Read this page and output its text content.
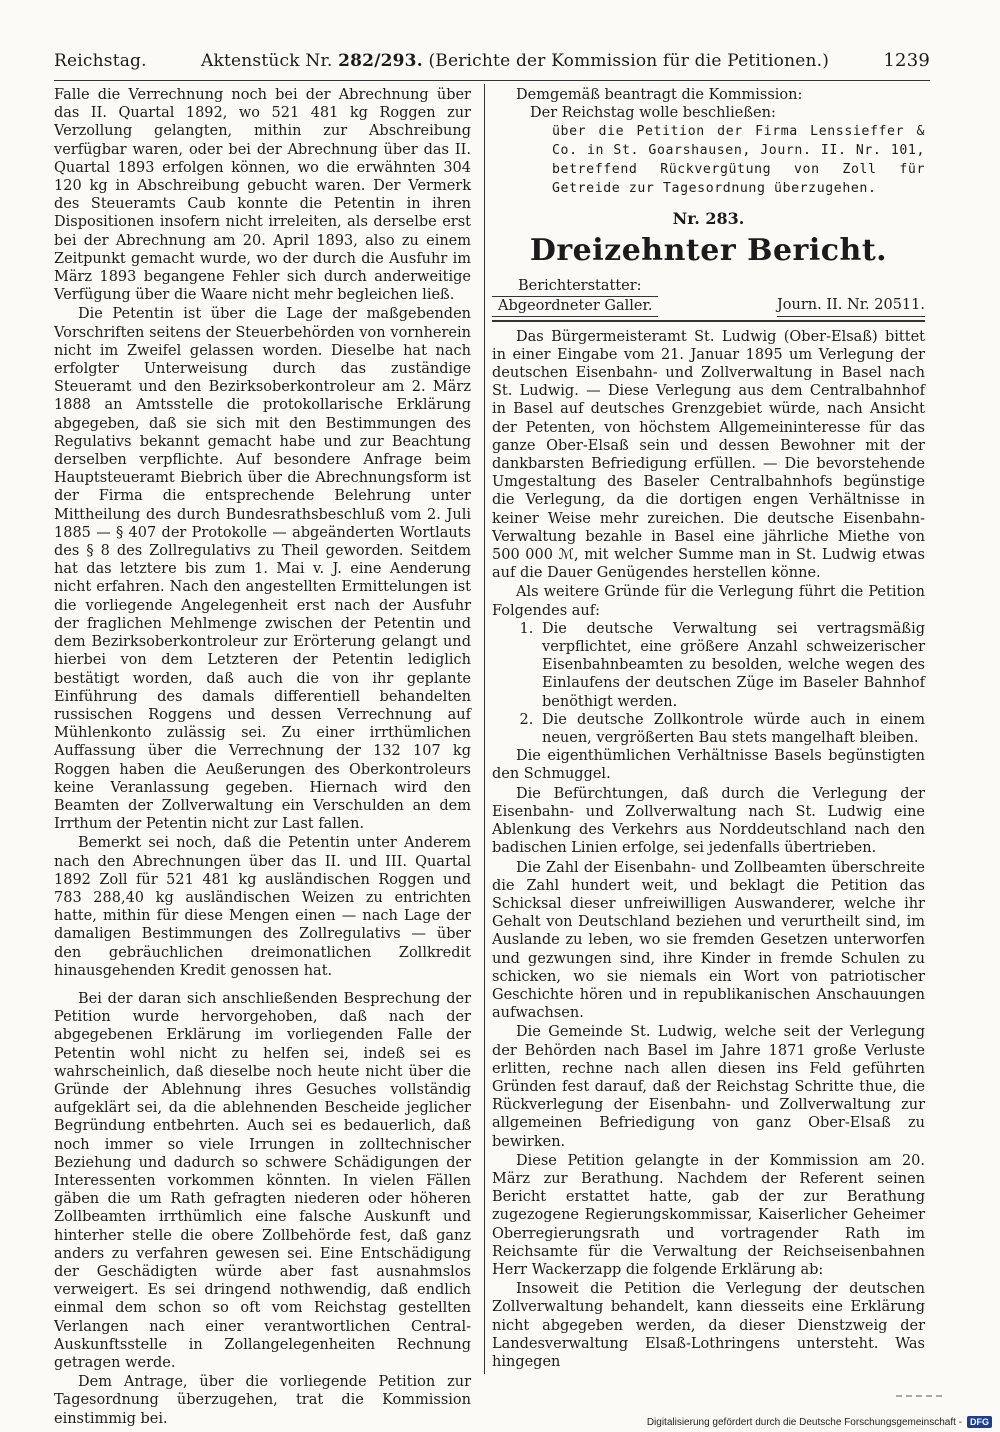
Reichstag.	Aktenstück Nr. 282/293. (Berichte der Kommission für die Petitionen.)	1239

Falle die Verrechnung noch bei der Abrechnung über das II. Quartal 1892, wo 521 481 kg Roggen zur Verzollung gelangten, mithin zur Abschreibung verfügbar waren, oder bei der Abrechnung über das II. Quartal 1893 erfolgen können, wo die erwähnten 304 120 kg in Abschreibung gebucht waren. Der Vermerk des Steueramts Caub konnte die Petentin in ihren Dispositionen insofern nicht irreleiten, als derselbe erst bei der Abrechnung am 20. April 1893, also zu einem Zeitpunkt gemacht wurde, wo der durch die Ausfuhr im März 1893 begangene Fehler sich durch anderweitige Verfügung über die Waare nicht mehr begleichen ließ.

Die Petentin ist über die Lage der maßgebenden Vorschriften seitens der Steuerbehörden von vornherein nicht im Zweifel gelassen worden. Dieselbe hat nach erfolgter Unterweisung durch das zuständige Steueramt und den Bezirksoberkontroleur am 2. März 1888 an Amtsstelle die protokollarische Erklärung abgegeben, daß sie sich mit den Bestimmungen des Regulativs bekannt gemacht habe und zur Beachtung derselben verpflichte. Auf besondere Anfrage beim Hauptsteueramt Biebrich über die Abrechnungsform ist der Firma die entsprechende Belehrung unter Mittheilung des durch Bundesrathsbeschluß vom 2. Juli 1885 — § 407 der Protokolle — abgeänderten Wortlauts des § 8 des Zollregulativs zu Theil geworden. Seitdem hat das letztere bis zum 1. Mai v. J. eine Aenderung nicht erfahren. Nach den angestellten Ermittelungen ist die vorliegende Angelegenheit erst nach der Ausfuhr der fraglichen Mehlmenge zwischen der Petentin und dem Bezirksoberkontroleur zur Erörterung gelangt und hierbei von dem Letzteren der Petentin lediglich bestätigt worden, daß auch die von ihr geplante Einführung des damals differentiell behandelten russischen Roggens und dessen Verrechnung auf Mühlenkonto zulässig sei. Zu einer irrthümlichen Auffassung über die Verrechnung der 132 107 kg Roggen haben die Aeußerungen des Oberkontroleurs keine Veranlassung gegeben. Hiernach wird den Beamten der Zollverwaltung ein Verschulden an dem Irrthum der Petentin nicht zur Last fallen.

Bemerkt sei noch, daß die Petentin unter Anderem nach den Abrechnungen über das II. und III. Quartal 1892 Zoll für 521 481 kg ausländischen Roggen und 783 288,40 kg ausländischen Weizen zu entrichten hatte, mithin für diese Mengen einen — nach Lage der damaligen Bestimmungen des Zollregulativs — über den gebräuchlichen dreimonatlichen Zollkredit hinausgehenden Kredit genossen hat.

Bei der daran sich anschließenden Besprechung der Petition wurde hervorgehoben, daß nach der abgegebenen Erklärung im vorliegenden Falle der Petentin wohl nicht zu helfen sei, indeß sei es wahrscheinlich, daß dieselbe noch heute nicht über die Gründe der Ablehnung ihres Gesuches vollständig aufgeklärt sei, da die ablehnenden Bescheide jeglicher Begründung entbehrten. Auch sei es bedauerlich, daß noch immer so viele Irrungen in zolltechnischer Beziehung und dadurch so schwere Schädigungen der Interessenten vorkommen könnten. In vielen Fällen gäben die um Rath gefragten niederen oder höheren Zollbeamten irrthümlich eine falsche Auskunft und hinterher stelle die obere Zollbehörde fest, daß ganz anders zu verfahren gewesen sei. Eine Entschädigung der Geschädigten würde aber fast ausnahmslos verweigert. Es sei dringend nothwendig, daß endlich einmal dem schon so oft vom Reichstag gestellten Verlangen nach einer verantwortlichen Central-Auskunftsstelle in Zollangelegenheiten Rechnung getragen werde.

Dem Antrage, über die vorliegende Petition zur Tagesordnung überzugehen, trat die Kommission einstimmig bei.

Demgemäß beantragt die Kommission:

Der Reichstag wolle beschließen:
über die Petition der Firma Lenssieffer & Co. in St. Goarshausen, Journ. II. Nr. 101, betreffend Rückvergütung von Zoll für Getreide zur Tagesordnung überzugehen.
Nr. 283.
Dreizehnter Bericht.
Berichterstatter:
Abgeordneter Galler.	Journ. II. Nr. 20511.

Das Bürgermeisteramt St. Ludwig (Ober-Elsaß) bittet in einer Eingabe vom 21. Januar 1895 um Verlegung der deutschen Eisenbahn- und Zollverwaltung in Basel nach St. Ludwig. — Diese Verlegung aus dem Centralbahnhof in Basel auf deutsches Grenzgebiet würde, nach Ansicht der Petenten, von höchstem Allgemeininteresse für das ganze Ober-Elsaß sein und dessen Bewohner mit der dankbarsten Befriedigung erfüllen. — Die bevorstehende Umgestaltung des Baseler Centralbahnhofs begünstige die Verlegung, da die dortigen engen Verhältnisse in keiner Weise mehr zureichen. Die deutsche Eisenbahn-Verwaltung bezahle in Basel eine jährliche Miethe von 500 000 ℳ, mit welcher Summe man in St. Ludwig etwas auf die Dauer Genügendes herstellen könne.

Als weitere Gründe für die Verlegung führt die Petition Folgendes auf:

1. Die deutsche Verwaltung sei vertragsmäßig verpflichtet, eine größere Anzahl schweizerischer Eisenbahnbeamten zu besolden, welche wegen des Einlaufens der deutschen Züge im Baseler Bahnhof benöthigt werden.
2. Die deutsche Zollkontrole würde auch in einem neuen, vergrößerten Bau stets mangelhaft bleiben.

Die eigenthümlichen Verhältnisse Basels begünstigten den Schmuggel.

Die Befürchtungen, daß durch die Verlegung der Eisenbahn- und Zollverwaltung nach St. Ludwig eine Ablenkung des Verkehrs aus Norddeutschland nach den badischen Linien erfolge, sei jedenfalls übertrieben.

Die Zahl der Eisenbahn- und Zollbeamten überschreite die Zahl hundert weit, und beklagt die Petition das Schicksal dieser unfreiwilligen Auswanderer, welche ihr Gehalt von Deutschland beziehen und verurtheilt sind, im Auslande zu leben, wo sie fremden Gesetzen unterworfen und gezwungen sind, ihre Kinder in fremde Schulen zu schicken, wo sie niemals ein Wort von patriotischer Geschichte hören und in republikanischen Anschauungen aufwachsen.

Die Gemeinde St. Ludwig, welche seit der Verlegung der Behörden nach Basel im Jahre 1871 große Verluste erlitten, rechne nach allen diesen ins Feld geführten Gründen fest darauf, daß der Reichstag Schritte thue, die Rückverlegung der Eisenbahn- und Zollverwaltung zur allgemeinen Befriedigung von ganz Ober-Elsaß zu bewirken.

Diese Petition gelangte in der Kommission am 20. März zur Berathung. Nachdem der Referent seinen Bericht erstattet hatte, gab der zur Berathung zugezogene Regierungskommissar, Kaiserlicher Geheimer Oberregierungsrath und vortragender Rath im Reichsamte für die Verwaltung der Reichseisenbahnen Herr Wackerzapp die folgende Erklärung ab:

Insoweit die Petition die Verlegung der deutschen Zollverwaltung behandelt, kann diesseits eine Erklärung nicht abgegeben werden, da dieser Dienstzweig der Landesverwaltung Elsaß-Lothringens untersteht. Was hingegen

Digitalisierung gefördert durch die Deutsche Forschungsgemeinschaft - DFG
